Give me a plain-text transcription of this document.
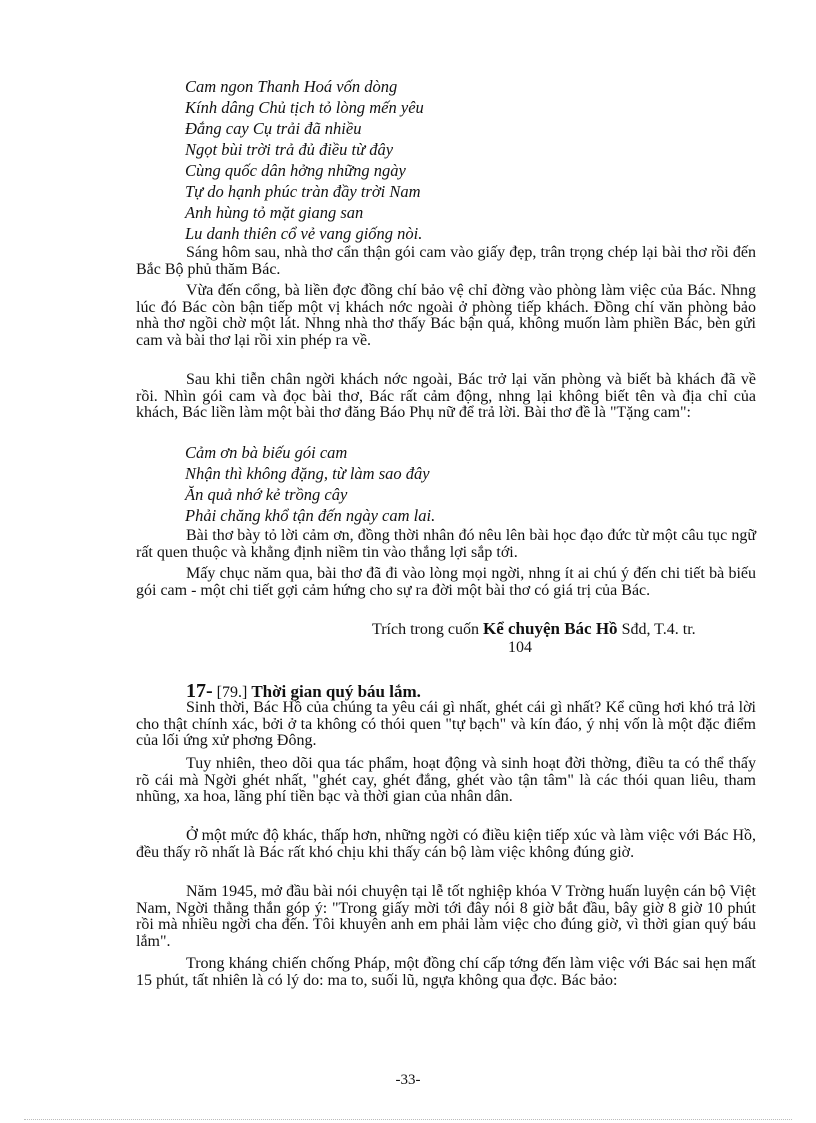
Cam ngon Thanh Hoá vốn dòng
Kính dâng Chủ tịch tỏ lòng mến yêu
Đắng cay Cụ trải đã nhiều
Ngọt bùi trời trả đủ điều từ đây
Cùng quốc dân hởng những ngày
Tự do hạnh phúc tràn đầy trời Nam
Anh hùng tỏ mặt giang san
Lu danh thiên cổ vẻ vang giống nòi.

Sáng hôm sau, nhà thơ cẩn thận gói cam vào giấy đẹp, trân trọng chép lại bài thơ rồi đến Bắc Bộ phủ thăm Bác.

Vừa đến cổng, bà liền đợc đồng chí bảo vệ chỉ đờng vào phòng làm việc của Bác. Nhng lúc đó Bác còn bận tiếp một vị khách nớc ngoài ở phòng tiếp khách. Đồng chí văn phòng bảo nhà thơ ngồi chờ một lát. Nhng nhà thơ thấy Bác bận quá, không muốn làm phiền Bác, bèn gửi cam và bài thơ lại rồi xin phép ra về.

Sau khi tiễn chân ngời khách nớc ngoài, Bác trở lại văn phòng và biết bà khách đã về rồi. Nhìn gói cam và đọc bài thơ, Bác rất cảm động, nhng lại không biết tên và địa chỉ của khách, Bác liền làm một bài thơ đăng Báo Phụ nữ để trả lời. Bài thơ đề là "Tặng cam":

Cảm ơn bà biếu gói cam
Nhận thì không đặng, từ làm sao đây
Ăn quả nhớ kẻ trồng cây
Phải chăng khổ tận đến ngày cam lai.

Bài thơ bày tỏ lời cảm ơn, đồng thời nhân đó nêu lên bài học đạo đức từ một câu tục ngữ rất quen thuộc và khẳng định niềm tin vào thắng lợi sắp tới.

Mấy chục năm qua, bài thơ đã đi vào lòng mọi ngời, nhng ít ai chú ý đến chi tiết bà biếu gói cam - một chi tiết gợi cảm hứng cho sự ra đời một bài thơ có giá trị của Bác.

Trích trong cuốn Kể chuyện Bác Hồ Sđd, T.4. tr.
104
17- [79.] Thời gian quý báu lắm.

Sinh thời, Bác Hồ của chúng ta yêu cái gì nhất, ghét cái gì nhất? Kể cũng hơi khó trả lời cho thật chính xác, bởi ở ta không có thói quen "tự bạch" và kín đáo, ý nhị vốn là một đặc điểm của lối ứng xử phơng Đông.

Tuy nhiên, theo dõi qua tác phẩm, hoạt động và sinh hoạt đời thờng, điều ta có thể thấy rõ cái mà Ngời ghét nhất, "ghét cay, ghét đắng, ghét vào tận tâm" là các thói quan liêu, tham nhũng, xa hoa, lãng phí tiền bạc và thời gian của nhân dân.

Ở một mức độ khác, thấp hơn, những ngời có điều kiện tiếp xúc và làm việc với Bác Hồ, đều thấy rõ nhất là Bác rất khó chịu khi thấy cán bộ làm việc không đúng giờ.

Năm 1945, mở đầu bài nói chuyện tại lễ tốt nghiệp khóa V Trờng huấn luyện cán bộ Việt Nam, Ngời thẳng thắn góp ý: "Trong giấy mời tới đây nói 8 giờ bắt đầu, bây giờ 8 giờ 10 phút rồi mà nhiều ngời cha đến. Tôi khuyên anh em phải làm việc cho đúng giờ, vì thời gian quý báu lắm".

Trong kháng chiến chống Pháp, một đồng chí cấp tớng đến làm việc với Bác sai hẹn mất 15 phút, tất nhiên là có lý do: ma to, suối lũ, ngựa không qua đợc. Bác bảo:

-33-
